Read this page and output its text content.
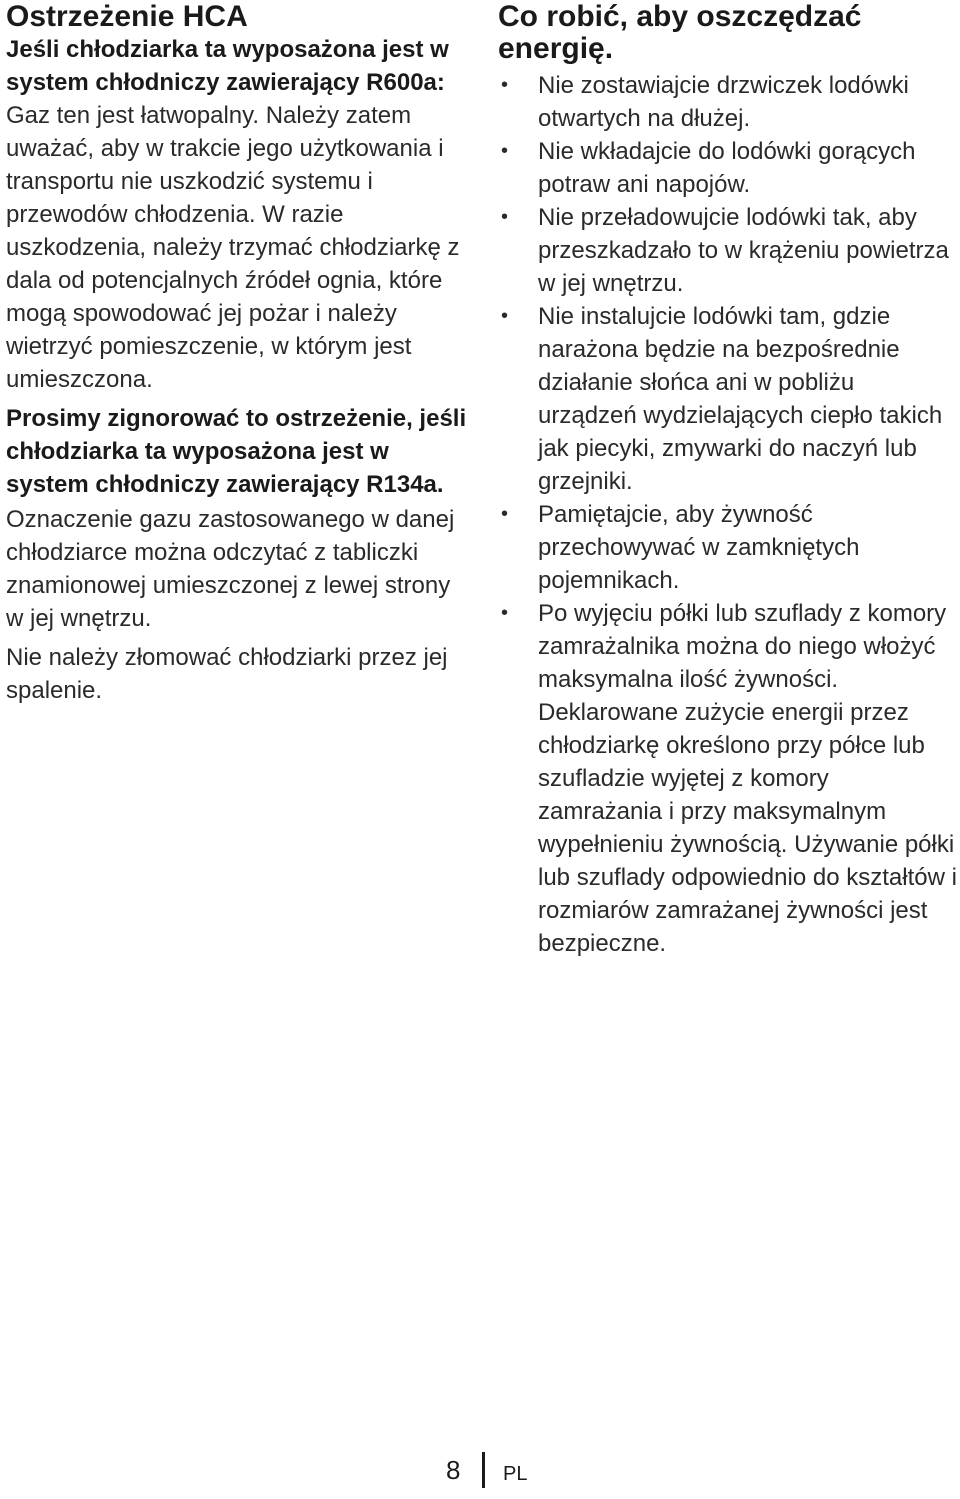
Ostrzeżenie HCA

Jeśli chłodziarka ta wyposażona jest w system chłodniczy zawierający R600a:

Gaz ten jest łatwopalny. Należy zatem uważać, aby w trakcie jego użytkowania i transportu nie uszkodzić systemu i przewodów chłodzenia. W razie uszkodzenia, należy trzymać chłodziarkę z dala od potencjalnych źródeł ognia, które mogą spowodować jej pożar i należy wietrzyć pomieszczenie, w którym jest umieszczona.

Prosimy zignorować to ostrzeżenie, jeśli chłodziarka ta wyposażona jest w system chłodniczy zawierający R134a.

Oznaczenie gazu zastosowanego w danej chłodziarce można odczytać z tabliczki znamionowej umieszczonej z lewej strony w jej wnętrzu.

Nie należy złomować chłodziarki przez jej spalenie.

Co robić, aby oszczędzać energię.
• Nie zostawiajcie drzwiczek lodówki otwartych na dłużej.
• Nie wkładajcie do lodówki gorących potraw ani napojów.
• Nie przeładowujcie lodówki tak, aby przeszkadzało to w krążeniu powietrza w jej wnętrzu.
• Nie instalujcie lodówki tam, gdzie narażona będzie na bezpośrednie działanie słońca ani w pobliżu urządzeń wydzielających ciepło takich jak piecyki, zmywarki do naczyń lub grzejniki.
• Pamiętajcie, aby żywność przechowywać w zamkniętych pojemnikach.
• Po wyjęciu półki lub szuflady z komory zamrażalnika można do niego włożyć maksymalna ilość żywności. Deklarowane zużycie energii przez chłodziarkę określono przy półce lub szufladzie wyjętej z komory zamrażania i przy maksymalnym wypełnieniu żywnością. Używanie półki lub szuflady odpowiednio do kształtów i rozmiarów zamrażanej żywności jest bezpieczne.
8 PL
